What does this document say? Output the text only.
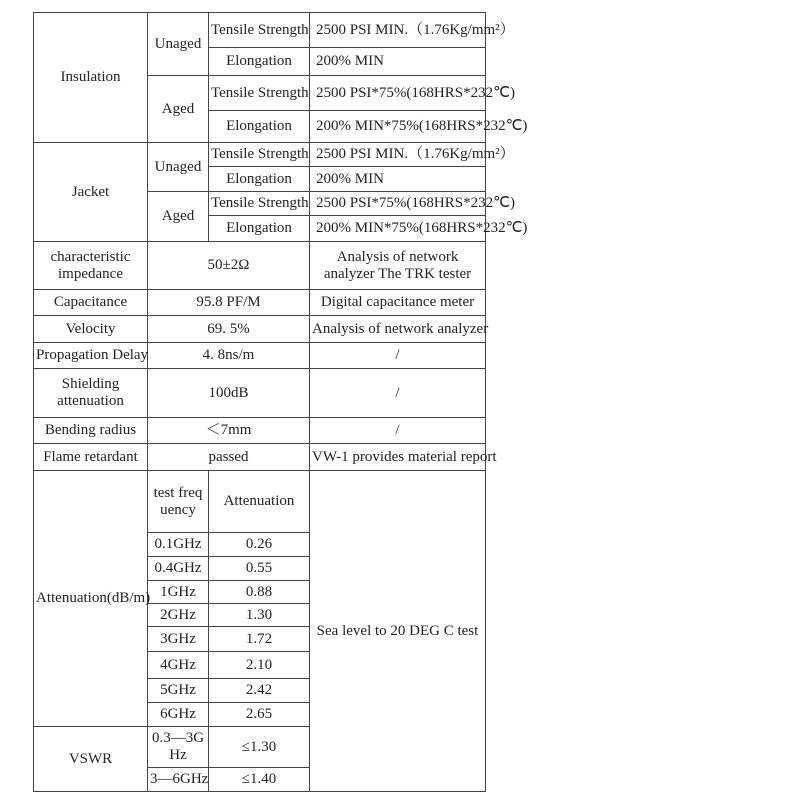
Insulation	Unaged	Tensile Strength	2500 PSI MIN.（1.76Kg/mm²）
		Elongation	200% MIN
	Aged	Tensile Strength	2500 PSI*75%(168HRS*232℃)
		Elongation	200% MIN*75%(168HRS*232℃)
Jacket	Unaged	Tensile Strength	2500 PSI MIN.（1.76Kg/mm²）
		Elongation	200% MIN
	Aged	Tensile Strength	2500 PSI*75%(168HRS*232℃)
		Elongation	200% MIN*75%(168HRS*232℃)
characteristic impedance	50±2Ω		Analysis of network analyzer The TRK tester
Capacitance	95.8 PF/M		Digital capacitance meter
Velocity	69. 5%		Analysis of network analyzer
Propagation Delay	4. 8ns/m		/
Shielding attenuation	100dB		/
Bending radius	＜7mm		/
Flame retardant	passed		VW-1 provides material report
Attenuation(dB/m)	test frequency	Attenuation	Sea level to 20 DEG C test
	0.1GHz	0.26	
	0.4GHz	0.55	
	1GHz	0.88	
	2GHz	1.30	
	3GHz	1.72	
	4GHz	2.10	
	5GHz	2.42	
	6GHz	2.65	
VSWR	0.3—3GHz	≤1.30	
	3—6GHz	≤1.40	
